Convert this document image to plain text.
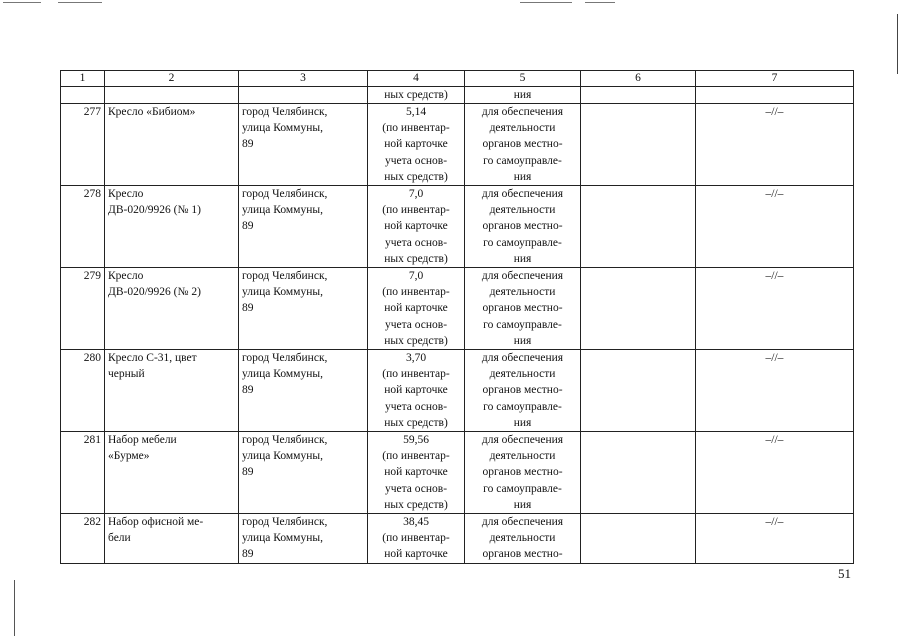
1	2	3	4	5	6	7
			ных средств)	ния		
277	Кресло «Бибиом»	город Челябинск,
улица Коммуны,
89	5,14
(по инвентар-
ной карточке
учета основ-
ных средств)	для обеспечения
деятельности
органов местно-
го самоуправле-
ния		–//–
278	Кресло
ДВ-020/9926 (№ 1)	город Челябинск,
улица Коммуны,
89	7,0
(по инвентар-
ной карточке
учета основ-
ных средств)	для обеспечения
деятельности
органов местно-
го самоуправле-
ния		–//–
279	Кресло
ДВ-020/9926 (№ 2)	город Челябинск,
улица Коммуны,
89	7,0
(по инвентар-
ной карточке
учета основ-
ных средств)	для обеспечения
деятельности
органов местно-
го самоуправле-
ния		–//–
280	Кресло С-31, цвет
черный	город Челябинск,
улица Коммуны,
89	3,70
(по инвентар-
ной карточке
учета основ-
ных средств)	для обеспечения
деятельности
органов местно-
го самоуправле-
ния		–//–
281	Набор мебели
«Бурме»	город Челябинск,
улица Коммуны,
89	59,56
(по инвентар-
ной карточке
учета основ-
ных средств)	для обеспечения
деятельности
органов местно-
го самоуправле-
ния		–//–
282	Набор офисной ме-
бели	город Челябинск,
улица Коммуны,
89	38,45
(по инвентар-
ной карточке	для обеспечения
деятельности
органов местно-		–//–
51
